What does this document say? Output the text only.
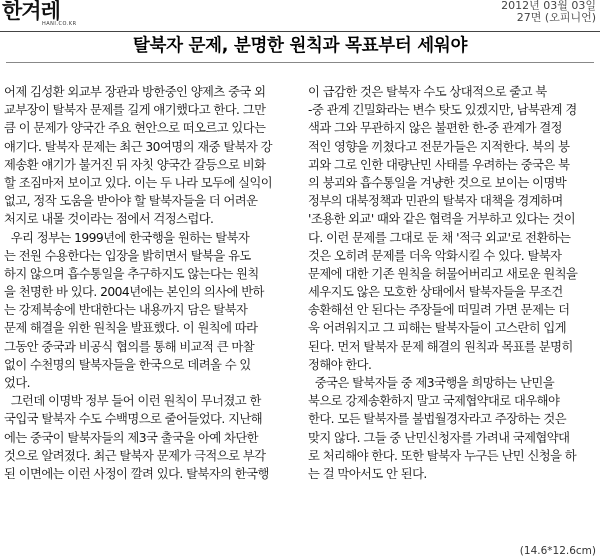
한겨레
HANI.CO.KR
2012년 03월 03일
27면 (오피니언)
탈북자 문제, 분명한 원칙과 목표부터 세워야
어제 김성환 외교부 장관과 방한중인 양제츠 중국 외
교부장이 탈북자 문제를 길게 얘기했다고 한다. 그만
큼 이 문제가 양국간 주요 현안으로 떠오르고 있다는
얘기다. 탈북자 문제는 최근 30여명의 재중 탈북자 강
제송환 얘기가 불거진 뒤 자칫 양국간 갈등으로 비화
할 조짐마저 보이고 있다. 이는 두 나라 모두에 실익이
없고, 정작 도움을 받아야 할 탈북자들을 더 어려운
처지로 내몰 것이라는 점에서 걱정스럽다.
우리 정부는 1999년에 한국행을 원하는 탈북자
는 전원 수용한다는 입장을 밝히면서 탈북을 유도
하지 않으며 흡수통일을 추구하지도 않는다는 원칙
을 천명한 바 있다. 2004년에는 본인의 의사에 반하
는 강제북송에 반대한다는 내용까지 담은 탈북자
문제 해결을 위한 원칙을 발표했다. 이 원칙에 따라
그동안 중국과 비공식 협의를 통해 비교적 큰 마찰
없이 수천명의 탈북자들을 한국으로 데려올 수 있
었다.
그런데 이명박 정부 들어 이런 원칙이 무너졌고 한
국입국 탈북자 수도 수백명으로 줄어들었다. 지난해
에는 중국이 탈북자들의 제3국 출국을 아예 차단한
것으로 알려졌다. 최근 탈북자 문제가 극적으로 부각
된 이면에는 이런 사정이 깔려 있다. 탈북자의 한국행
이 급감한 것은 탈북자 수도 상대적으로 줄고 북
-중 관계 긴밀화라는 변수 탓도 있겠지만, 남북관계 경
색과 그와 무관하지 않은 불편한 한-중 관계가 결정
적인 영향을 끼쳤다고 전문가들은 지적한다. 북의 붕
괴와 그로 인한 대량난민 사태를 우려하는 중국은 북
의 붕괴와 흡수통일을 겨냥한 것으로 보이는 이명박
정부의 대북정책과 민관의 탈북자 대책을 경계하며
'조용한 외교' 때와 같은 협력을 거부하고 있다는 것이
다. 이런 문제를 그대로 둔 채 '적극 외교'로 전환하는
것은 오히려 문제를 더욱 악화시킬 수 있다. 탈북자
문제에 대한 기존 원칙을 허물어버리고 새로운 원칙을
세우지도 않은 모호한 상태에서 탈북자들을 무조건
송환해선 안 된다는 주장들에 떠밀려 가면 문제는 더
욱 어려워지고 그 피해는 탈북자들이 고스란히 입게
된다. 먼저 탈북자 문제 해결의 원칙과 목표를 분명히
정해야 한다.
중국은 탈북자들 중 제3국행을 희망하는 난민을
북으로 강제송환하지 말고 국제협약대로 대우해야
한다. 모든 탈북자를 불법월경자라고 주장하는 것은
맞지 않다. 그들 중 난민신청자를 가려내 국제협약대
로 처리해야 한다. 또한 탈북자 누구든 난민 신청을 하
는 걸 막아서도 안 된다.
(14.6*12.6cm)
